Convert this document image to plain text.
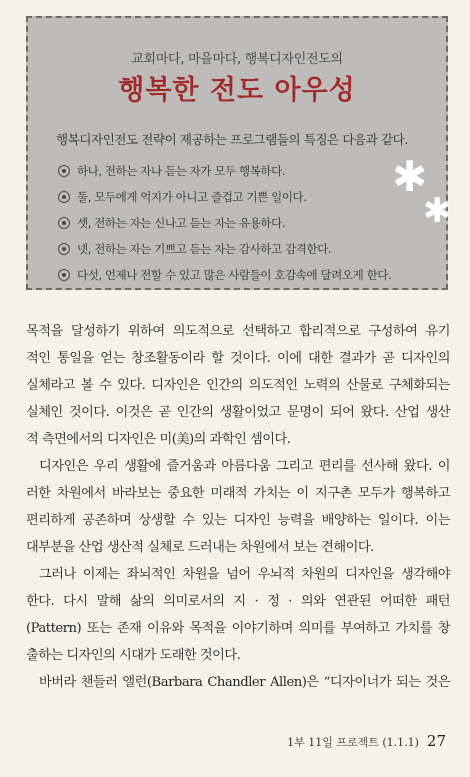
교회마다, 마을마다, 행복디자인전도의
행복한 전도 아우성
행복디자인전도 전략이 제공하는 프로그램들의 특징은 다음과 같다.
하나, 전하는 자나 듣는 자가 모두 행복하다.
둘, 모두에게 억지가 아니고 즐겁고 기쁜 일이다.
셋, 전하는 자는 신나고 듣는 자는 유용하다.
넷, 전하는 자는 기쁘고 듣는 자는 감사하고 감격한다.
다섯, 언제나 전할 수 있고 많은 사람들이 호감속에 달려오게 한다.
✱
✱
목적을 달성하기 위하여 의도적으로 선택하고 합리적으로 구성하여 유기
적인 통일을 얻는 창조활동이라 할 것이다. 이에 대한 결과가 곧 디자인의
실체라고 볼 수 있다. 디자인은 인간의 의도적인 노력의 산물로 구체화되는
실체인 것이다. 이것은 곧 인간의 생활이었고 문명이 되어 왔다. 산업 생산
적 측면에서의 디자인은 미(美)의 과학인 셈이다.
디자인은 우리 생활에 즐거움과 아름다움 그리고 편리를 선사해 왔다. 이
러한 차원에서 바라보는 중요한 미래적 가치는 이 지구촌 모두가 행복하고
편리하게 공존하며 상생할 수 있는 디자인 능력을 배양하는 일이다. 이는
대부분을 산업 생산적 실체로 드러내는 차원에서 보는 견해이다.
그러나 이제는 좌뇌적인 차원을 넘어 우뇌적 차원의 디자인을 생각해야
한다. 다시 말해 삶의 의미로서의 지 · 정 · 의와 연관된 어떠한 패턴
(Pattern) 또는 존재 이유와 목적을 이야기하며 의미를 부여하고 가치를 창
출하는 디자인의 시대가 도래한 것이다.
바버라 챈들러 앨런(Barbara Chandler Allen)은 “디자이너가 되는 것은
1부 11일 프로젝트 (1.1.1) 27
